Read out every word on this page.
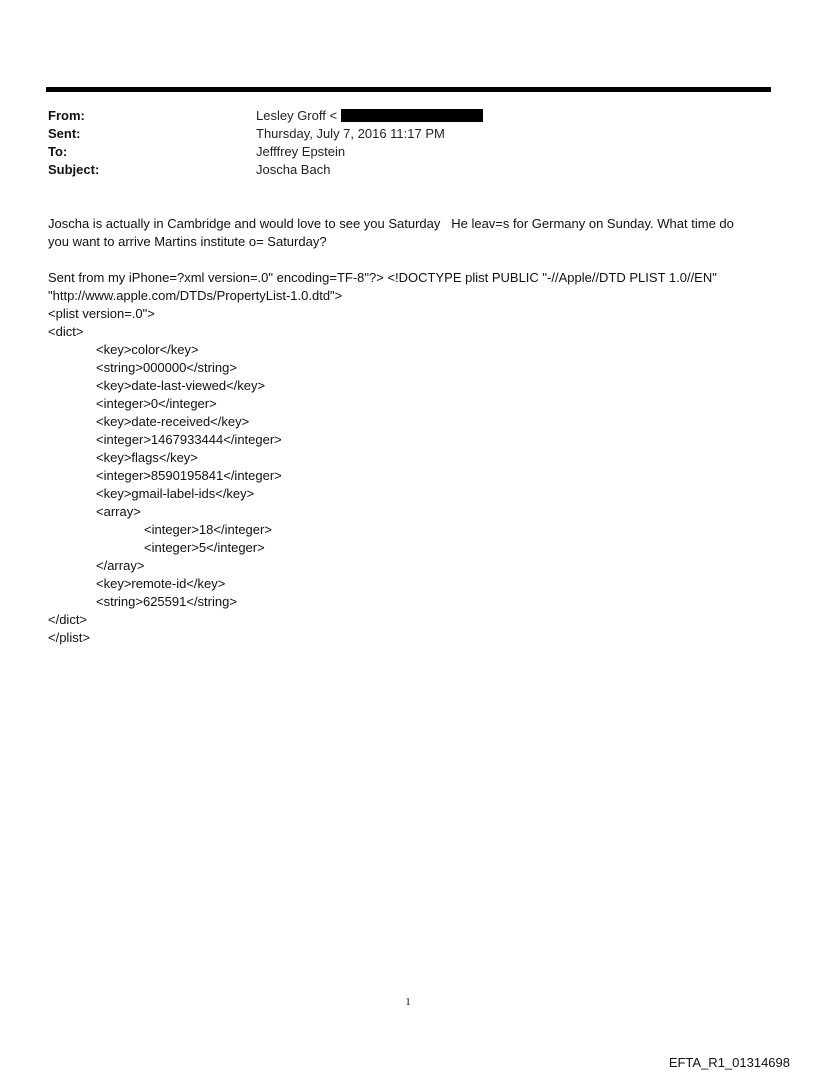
From:	Lesley Groff <
Sent:	Thursday, July 7, 2016 11:17 PM
To:	Jefffrey Epstein
Subject:	Joscha Bach
Joscha is actually in Cambridge and would love to see you Saturday   He leav=s for Germany on Sunday. What time do
you want to arrive Martins institute o= Saturday?
Sent from my iPhone=?xml version=.0" encoding=TF-8"?> <!DOCTYPE plist PUBLIC "-//Apple//DTD PLIST 1.0//EN"
"http://www.apple.com/DTDs/PropertyList-1.0.dtd">
<plist version=.0">
<dict>
<key>color</key>
<string>000000</string>
<key>date-last-viewed</key>
<integer>0</integer>
<key>date-received</key>
<integer>1467933444</integer>
<key>flags</key>
<integer>8590195841</integer>
<key>gmail-label-ids</key>
<array>
<integer>18</integer>
<integer>5</integer>
</array>
<key>remote-id</key>
<string>625591</string>
</dict>
</plist>
1
EFTA_R1_01314698
